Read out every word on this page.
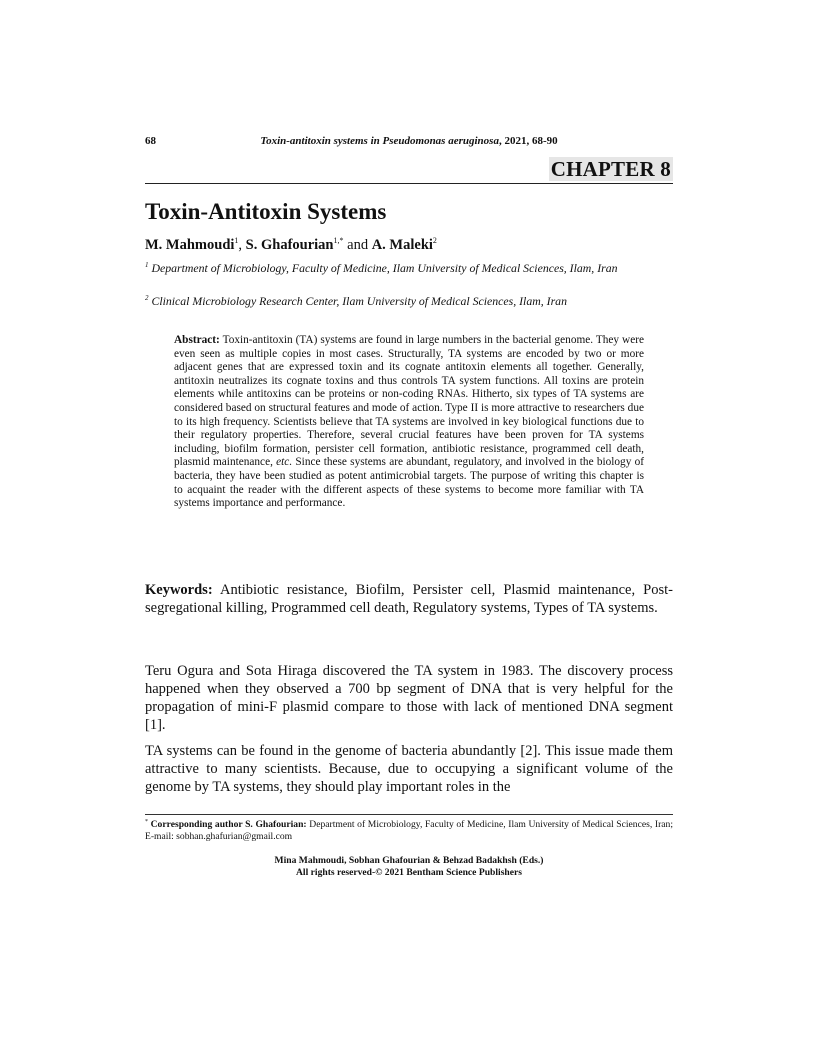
68	Toxin-antitoxin systems in Pseudomonas aeruginosa, 2021, 68-90
CHAPTER 8
Toxin-Antitoxin Systems
M. Mahmoudi$^1$, S. Ghafourian$^{1,*}$ and A. Maleki$^2$
$^1$ Department of Microbiology, Faculty of Medicine, Ilam University of Medical Sciences, Ilam, Iran
$^2$ Clinical Microbiology Research Center, Ilam University of Medical Sciences, Ilam, Iran
Abstract: Toxin-antitoxin (TA) systems are found in large numbers in the bacterial genome. They were even seen as multiple copies in most cases. Structurally, TA systems are encoded by two or more adjacent genes that are expressed toxin and its cognate antitoxin elements all together. Generally, antitoxin neutralizes its cognate toxins and thus controls TA system functions. All toxins are protein elements while antitoxins can be proteins or non-coding RNAs. Hitherto, six types of TA systems are considered based on structural features and mode of action. Type II is more attractive to researchers due to its high frequency. Scientists believe that TA systems are involved in key biological functions due to their regulatory properties. Therefore, several crucial features have been proven for TA systems including, biofilm formation, persister cell formation, antibiotic resistance, programmed cell death, plasmid maintenance, etc. Since these systems are abundant, regulatory, and involved in the biology of bacteria, they have been studied as potent antimicrobial targets. The purpose of writing this chapter is to acquaint the reader with the different aspects of these systems to become more familiar with TA systems importance and performance.
Keywords: Antibiotic resistance, Biofilm, Persister cell, Plasmid maintenance, Post-segregational killing, Programmed cell death, Regulatory systems, Types of TA systems.

Teru Ogura and Sota Hiraga discovered the TA system in 1983. The discovery process happened when they observed a 700 bp segment of DNA that is very helpful for the propagation of mini-F plasmid compare to those with lack of mentioned DNA segment [1].

TA systems can be found in the genome of bacteria abundantly [2]. This issue made them attractive to many scientists. Because, due to occupying a significant volume of the genome by TA systems, they should play important roles in the

* Corresponding author S. Ghafourian: Department of Microbiology, Faculty of Medicine, Ilam University of Medical Sciences, Iran; E-mail: sobhan.ghafurian@gmail.com
Mina Mahmoudi, Sobhan Ghafourian & Behzad Badakhsh (Eds.)
All rights reserved-© 2021 Bentham Science Publishers
